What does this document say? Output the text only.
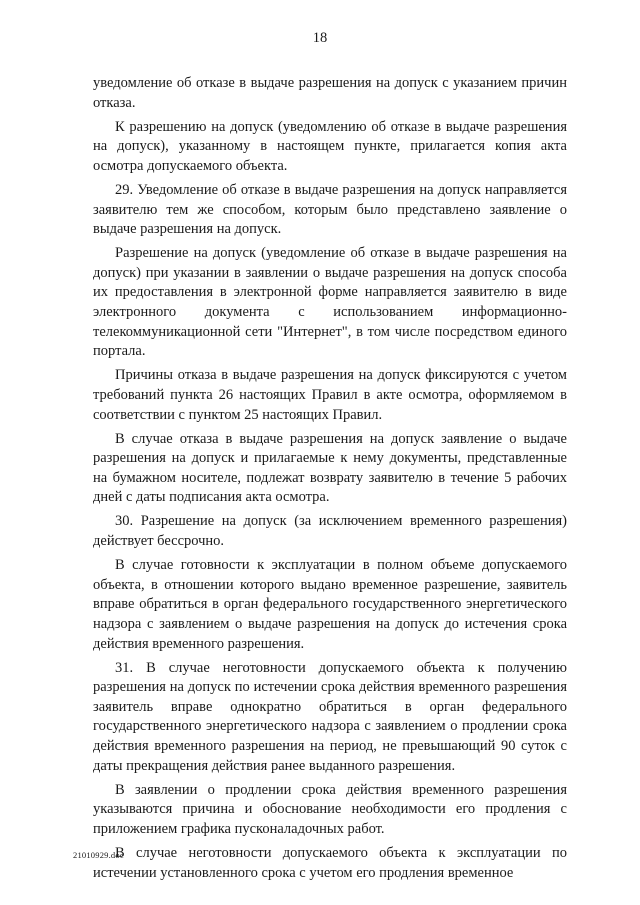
18

уведомление об отказе в выдаче разрешения на допуск с указанием причин отказа.

К разрешению на допуск (уведомлению об отказе в выдаче разрешения на допуск), указанному в настоящем пункте, прилагается копия акта осмотра допускаемого объекта.

29. Уведомление об отказе в выдаче разрешения на допуск направляется заявителю тем же способом, которым было представлено заявление о выдаче разрешения на допуск.

Разрешение на допуск (уведомление об отказе в выдаче разрешения на допуск) при указании в заявлении о выдаче разрешения на допуск способа их предоставления в электронной форме направляется заявителю в виде электронного документа с использованием информационно-телекоммуникационной сети "Интернет", в том числе посредством единого портала.

Причины отказа в выдаче разрешения на допуск фиксируются с учетом требований пункта 26 настоящих Правил в акте осмотра, оформляемом в соответствии с пунктом 25 настоящих Правил.

В случае отказа в выдаче разрешения на допуск заявление о выдаче разрешения на допуск и прилагаемые к нему документы, представленные на бумажном носителе, подлежат возврату заявителю в течение 5 рабочих дней с даты подписания акта осмотра.

30. Разрешение на допуск (за исключением временного разрешения) действует бессрочно.

В случае готовности к эксплуатации в полном объеме допускаемого объекта, в отношении которого выдано временное разрешение, заявитель вправе обратиться в орган федерального государственного энергетического надзора с заявлением о выдаче разрешения на допуск до истечения срока действия временного разрешения.

31. В случае неготовности допускаемого объекта к получению разрешения на допуск по истечении срока действия временного разрешения заявитель вправе однократно обратиться в орган федерального государственного энергетического надзора с заявлением о продлении срока действия временного разрешения на период, не превышающий 90 суток с даты прекращения действия ранее выданного разрешения.

В заявлении о продлении срока действия временного разрешения указываются причина и обоснование необходимости его продления с приложением графика пусконаладочных работ.

В случае неготовности допускаемого объекта к эксплуатации по истечении установленного срока с учетом его продления временное

21010929.doc
